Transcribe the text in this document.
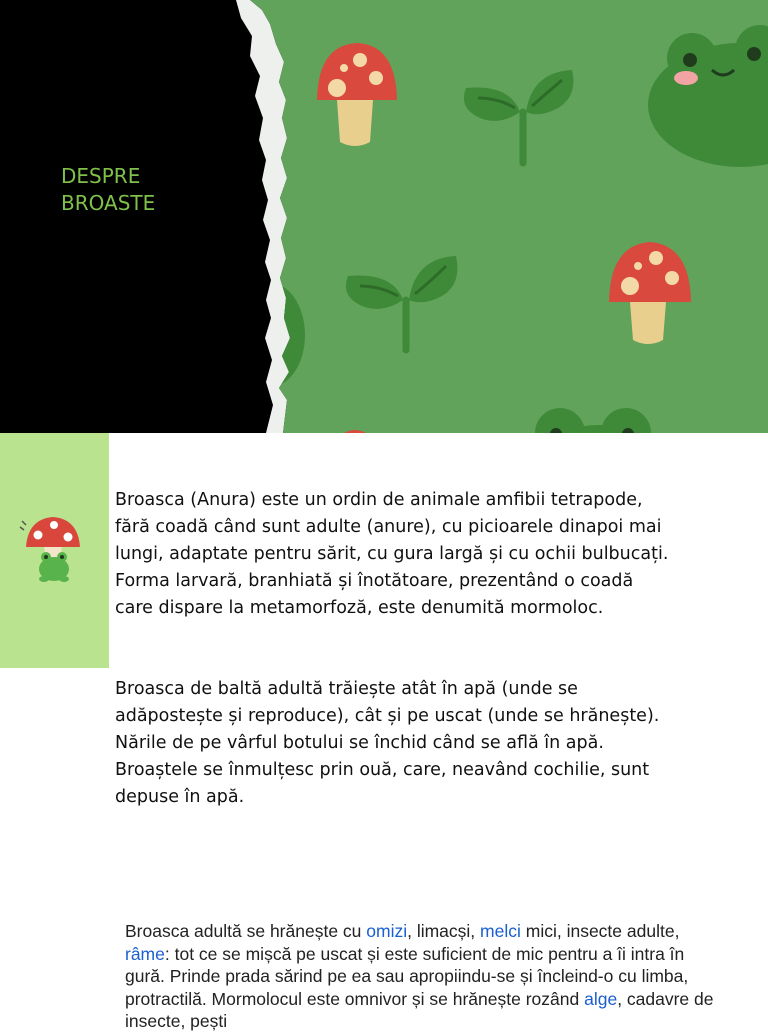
DESPRE
BROASTE

Broasca (Anura) este un ordin de animale amfibii tetrapode, fără coadă când sunt adulte (anure), cu picioarele dinapoi mai lungi, adaptate pentru sărit, cu gura largă și cu ochii bulbucați. Forma larvară, branhiată și înotătoare, prezentând o coadă care dispare la metamorfoză, este denumită mormoloc.

Broasca de baltă adultă trăiește atât în apă (unde se adăpostește și reproduce), cât și pe uscat (unde se hrănește). Nările de pe vârful botului se închid când se află în apă. Broaștele se înmulțesc prin ouă, care, neavând cochilie, sunt depuse în apă.

Broasca adultă se hrănește cu omizi, limacși, melci mici, insecte adulte, râme: tot ce se mișcă pe uscat și este suficient de mic pentru a îi intra în gură. Prinde prada sărind pe ea sau apropiindu-se și încleind-o cu limba, protractilă. Mormolocul este omnivor și se hrănește rozând alge, cadavre de insecte, pești
